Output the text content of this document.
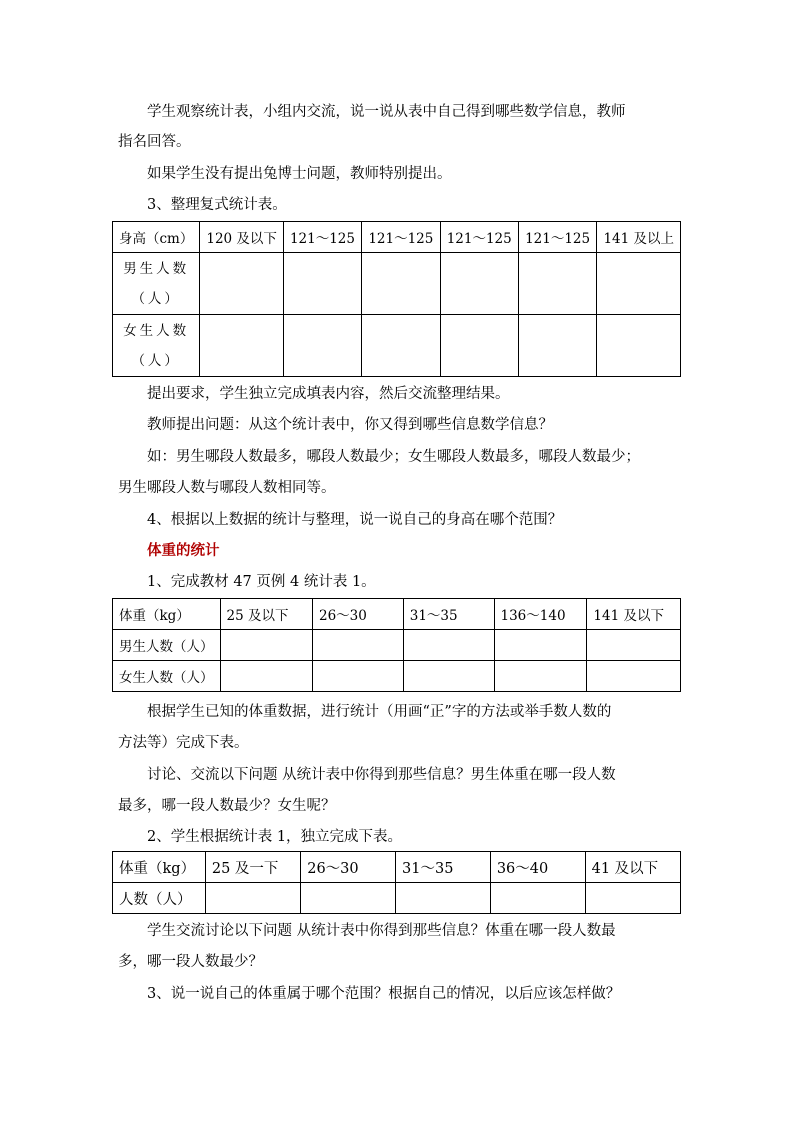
学生观察统计表，小组内交流，说一说从表中自己得到哪些数学信息，教师

指名回答。

如果学生没有提出兔博士问题，教师特别提出。

3、整理复式统计表。

身高（cm）	120 及以下	121～125	121～125	121～125	121～125	141 及以上

男生人数
（人）						

女生人数
（人）						

提出要求，学生独立完成填表内容，然后交流整理结果。

教师提出问题：从这个统计表中，你又得到哪些信息数学信息？

如：男生哪段人数最多，哪段人数最少；女生哪段人数最多，哪段人数最少；

男生哪段人数与哪段人数相同等。

4、根据以上数据的统计与整理，说一说自己的身高在哪个范围？

体重的统计

1、完成教材 47 页例 4 统计表 1。

体重（kg）	25 及以下	26～30	31～35	136～140	141 及以下
男生人数（人）					
女生人数（人）					

根据学生已知的体重数据，进行统计（用画“正”字的方法或举手数人数的

方法等）完成下表。

讨论、交流以下问题 从统计表中你得到那些信息？男生体重在哪一段人数

最多，哪一段人数最少？女生呢？

2、学生根据统计表 1，独立完成下表。

体重（kg）	25 及一下	26～30	31～35	36～40	41 及以下
人数（人）					

学生交流讨论以下问题 从统计表中你得到那些信息？体重在哪一段人数最

多，哪一段人数最少？

3、说一说自己的体重属于哪个范围？根据自己的情况，以后应该怎样做？
